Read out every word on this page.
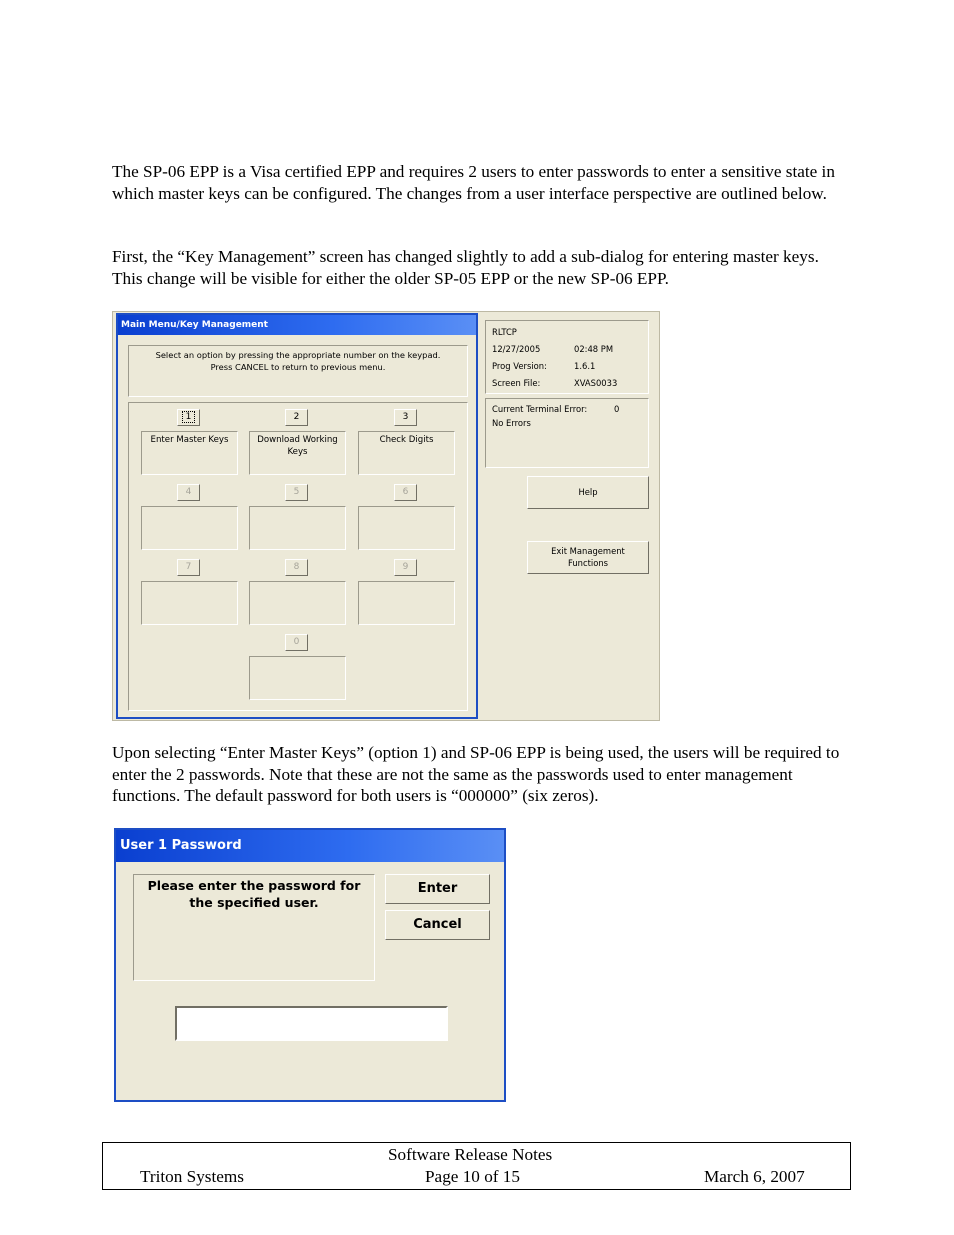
The SP-06 EPP is a Visa certified EPP and requires 2 users to enter passwords to enter a sensitive state in which master keys can be configured. The changes from a user interface perspective are outlined below.

First, the “Key Management” screen has changed slightly to add a sub-dialog for entering master keys. This change will be visible for either the older SP-05 EPP or the new SP-06 EPP.

Main Menu/Key Management
Select an option by pressing the appropriate number on the keypad.
Press CANCEL to return to previous menu.
1
Enter Master Keys
2
Download Working Keys
3
Check Digits
4	5	6
7	8	9
0
RLTCP
12/27/2005	02:48 PM
Prog Version:	1.6.1
Screen File:	XVAS0033
Current Terminal Error:	0
No Errors
Help
Exit Management
Functions

Upon selecting “Enter Master Keys” (option 1) and SP-06 EPP is being used, the users will be required to enter the 2 passwords. Note that these are not the same as the passwords used to enter management functions. The default password for both users is “000000” (six zeros).

User 1 Password
Please enter the password for the specified user.
Enter
Cancel
Software Release Notes
Triton Systems	Page 10 of 15	March 6, 2007
